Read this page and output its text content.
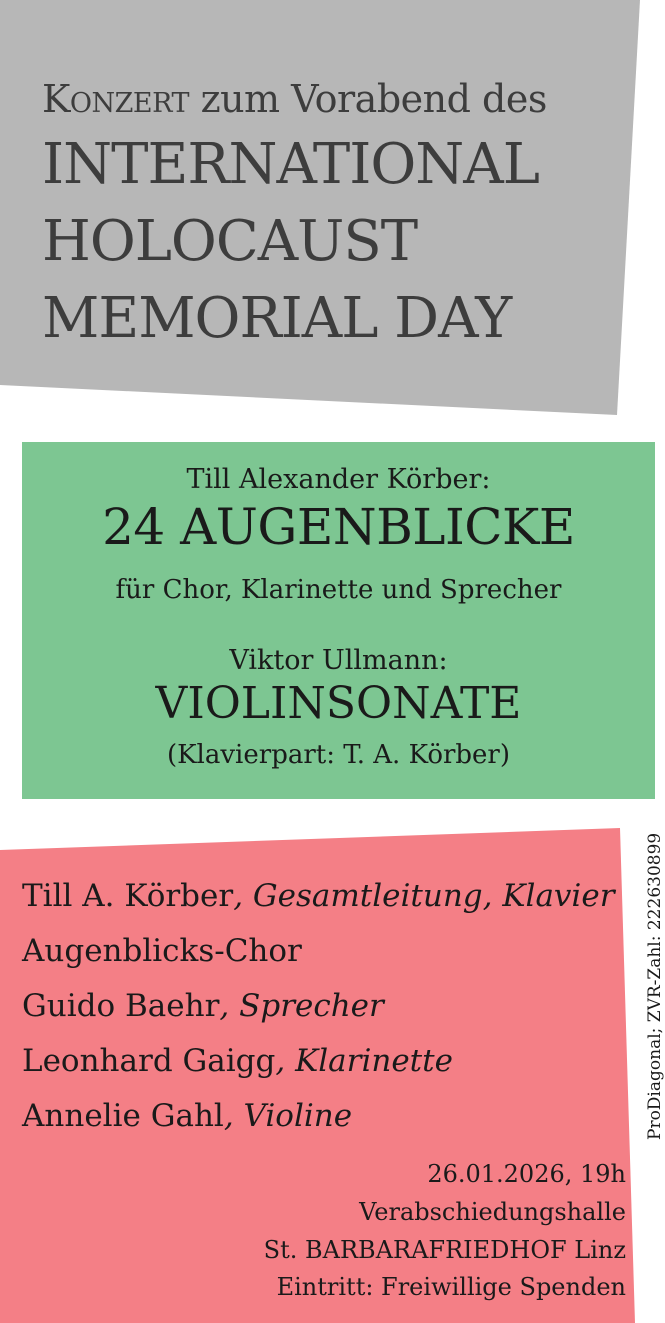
Konzert zum Vorabend des
INTERNATIONAL
HOLOCAUST
MEMORIAL DAY
Till Alexander Körber:
24 AUGENBLICKE
für Chor, Klarinette und Sprecher
Viktor Ullmann:
VIOLINSONATE
(Klavierpart: T. A. Körber)
Till A. Körber, Gesamtleitung, Klavier
Augenblicks-Chor
Guido Baehr, Sprecher
Leonhard Gaigg, Klarinette
Annelie Gahl, Violine
26.01.2026, 19h
Verabschiedungshalle
St. BARBARAFRIEDHOF Linz
Eintritt: Freiwillige Spenden
ProDiagonal; ZVR-Zahl: 222630899
